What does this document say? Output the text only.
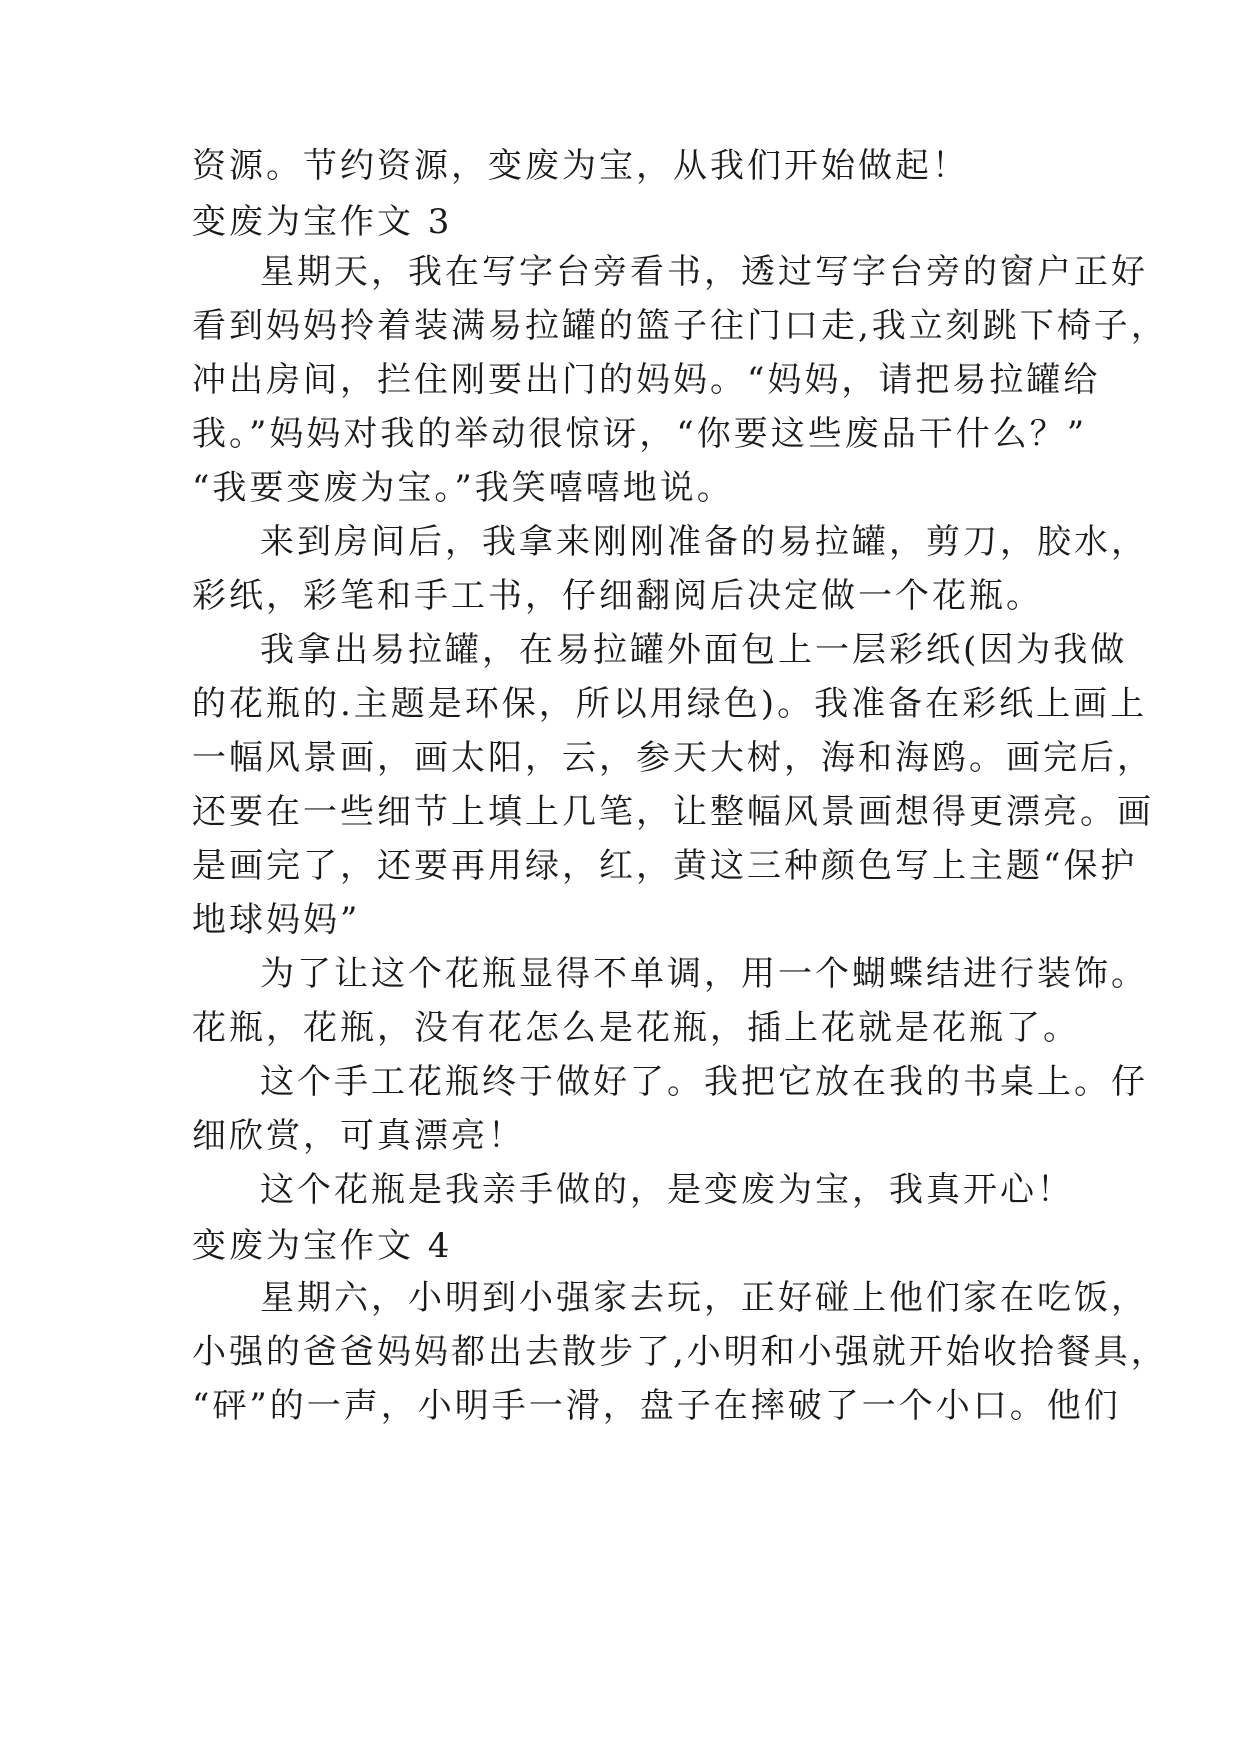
资源。节约资源，变废为宝，从我们开始做起！

变废为宝作文 3

星期天，我在写字台旁看书，透过写字台旁的窗户正好

看到妈妈拎着装满易拉罐的篮子往门口走,我立刻跳下椅子，

冲出房间，拦住刚要出门的妈妈。“妈妈，请把易拉罐给

我。”妈妈对我的举动很惊讶，“你要这些废品干什么？”

“我要变废为宝。”我笑嘻嘻地说。

来到房间后，我拿来刚刚准备的易拉罐，剪刀，胶水，

彩纸，彩笔和手工书，仔细翻阅后决定做一个花瓶。

我拿出易拉罐，在易拉罐外面包上一层彩纸(因为我做

的花瓶的.主题是环保，所以用绿色)。我准备在彩纸上画上

一幅风景画，画太阳，云，参天大树，海和海鸥。画完后，

还要在一些细节上填上几笔，让整幅风景画想得更漂亮。画

是画完了，还要再用绿，红，黄这三种颜色写上主题“保护

地球妈妈”

为了让这个花瓶显得不单调，用一个蝴蝶结进行装饰。

花瓶，花瓶，没有花怎么是花瓶，插上花就是花瓶了。

这个手工花瓶终于做好了。我把它放在我的书桌上。仔

细欣赏，可真漂亮！

这个花瓶是我亲手做的，是变废为宝，我真开心！

变废为宝作文 4

星期六，小明到小强家去玩，正好碰上他们家在吃饭，

小强的爸爸妈妈都出去散步了,小明和小强就开始收拾餐具，

“砰”的一声，小明手一滑，盘子在摔破了一个小口。他们
